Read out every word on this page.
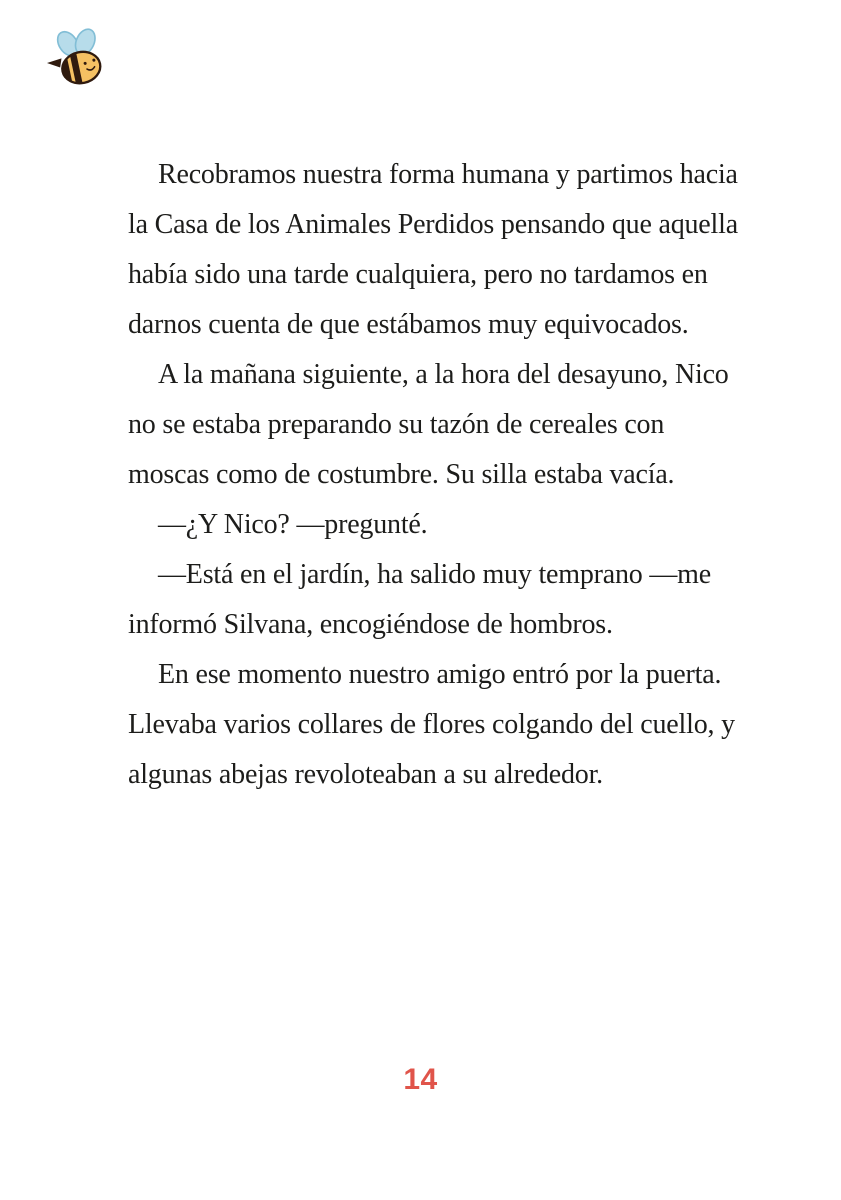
Recobramos nuestra forma humana y partimos hacia la Casa de los Animales Perdidos pensando que aquella había sido una tarde cualquiera, pero no tardamos en darnos cuenta de que estábamos muy equivocados.

A la mañana siguiente, a la hora del desayuno, Nico no se estaba preparando su tazón de cereales con moscas como de costumbre. Su silla estaba vacía.

—¿Y Nico? —pregunté.

—Está en el jardín, ha salido muy temprano —me informó Silvana, encogiéndose de hombros.

En ese momento nuestro amigo entró por la puerta. Llevaba varios collares de flores colgando del cuello, y algunas abejas revoloteaban a su alrededor.

14
